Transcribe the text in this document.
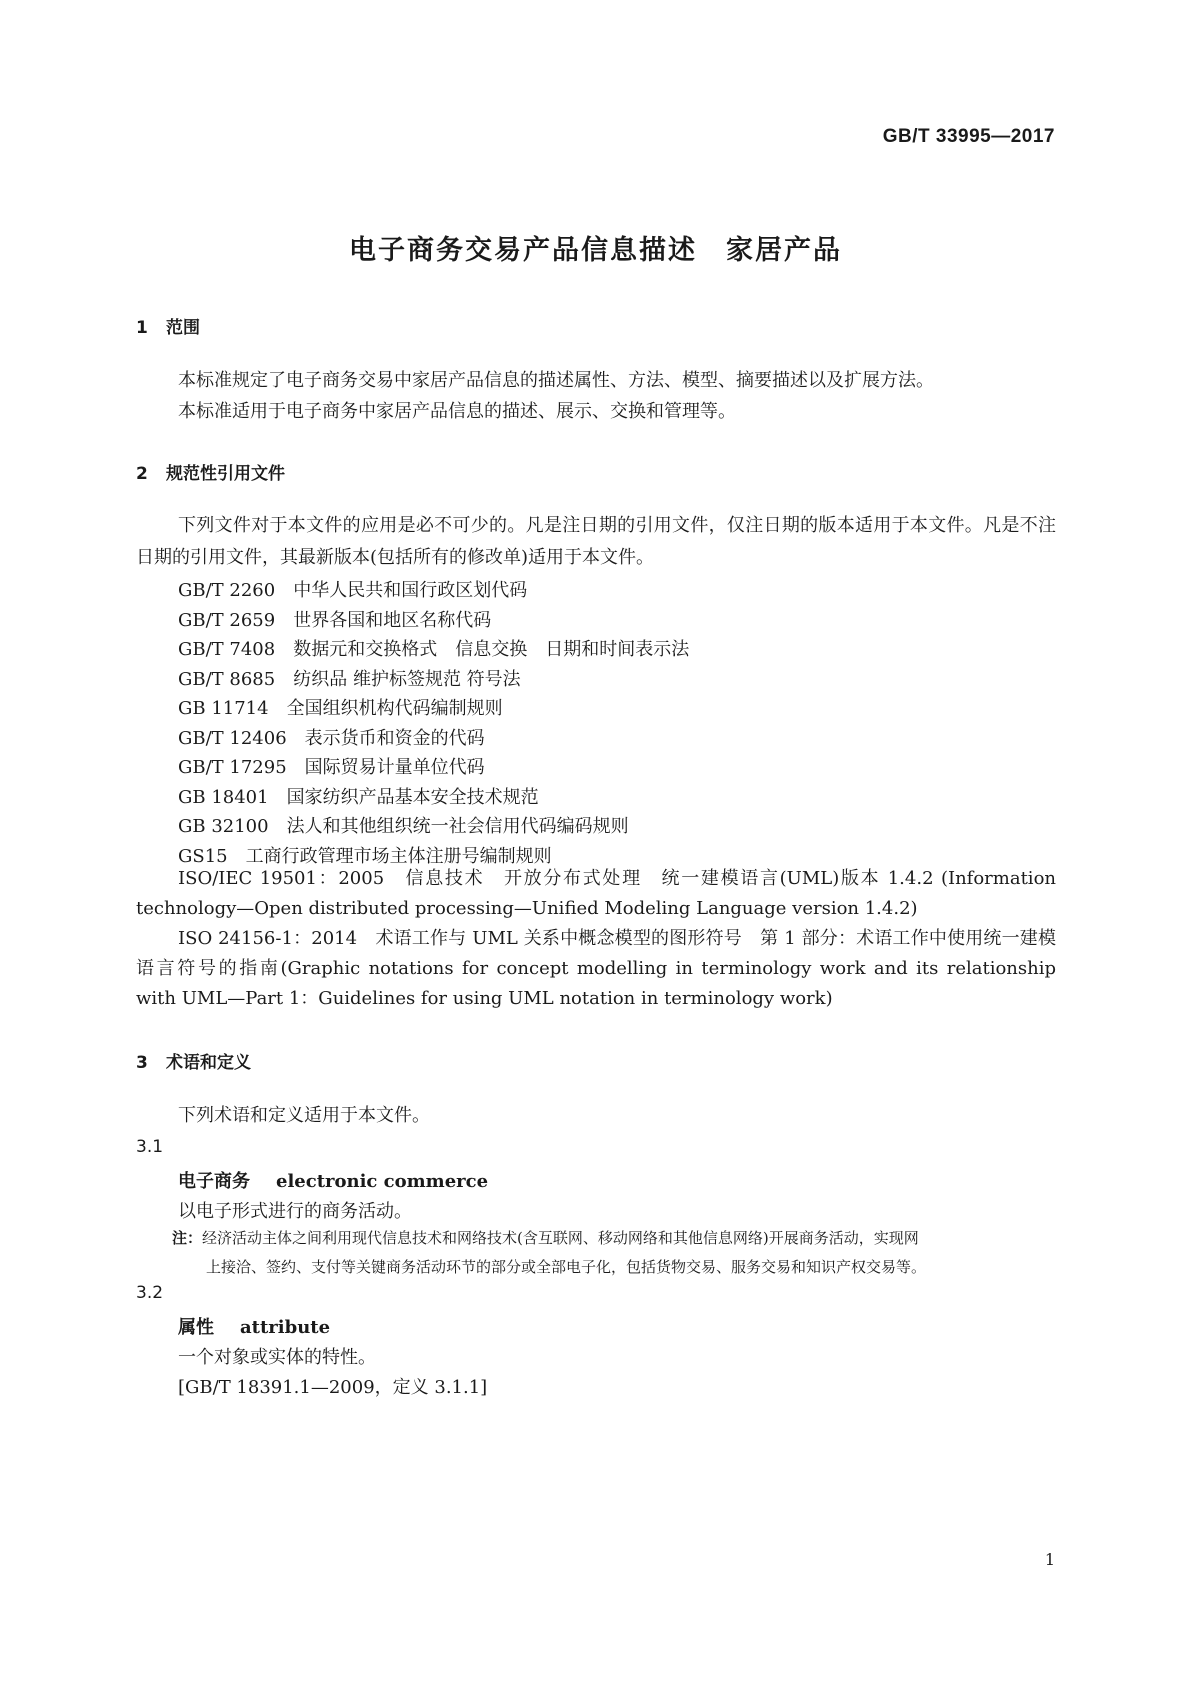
GB/T 33995—2017
电子商务交易产品信息描述　家居产品
1 范围
本标准规定了电子商务交易中家居产品信息的描述属性、方法、模型、摘要描述以及扩展方法。
本标准适用于电子商务中家居产品信息的描述、展示、交换和管理等。
2 规范性引用文件
下列文件对于本文件的应用是必不可少的。凡是注日期的引用文件，仅注日期的版本适用于本文件。凡是不注日期的引用文件，其最新版本(包括所有的修改单)适用于本文件。
GB/T 2260 中华人民共和国行政区划代码
GB/T 2659 世界各国和地区名称代码
GB/T 7408 数据元和交换格式　信息交换　日期和时间表示法
GB/T 8685 纺织品 维护标签规范 符号法
GB 11714 全国组织机构代码编制规则
GB/T 12406 表示货币和资金的代码
GB/T 17295 国际贸易计量单位代码
GB 18401 国家纺织产品基本安全技术规范
GB 32100 法人和其他组织统一社会信用代码编码规则
GS15 工商行政管理市场主体注册号编制规则
ISO/IEC 19501：2005　信息技术　开放分布式处理　统一建模语言(UML)版本 1.4.2 (Information technology—Open distributed processing—Unified Modeling Language version 1.4.2)
ISO 24156-1：2014　术语工作与 UML 关系中概念模型的图形符号　第 1 部分：术语工作中使用统一建模语言符号的指南(Graphic notations for concept modelling in terminology work and its relationship with UML—Part 1：Guidelines for using UML notation in terminology work)
3 术语和定义
下列术语和定义适用于本文件。
3.1
电子商务 electronic commerce
以电子形式进行的商务活动。
注：经济活动主体之间利用现代信息技术和网络技术(含互联网、移动网络和其他信息网络)开展商务活动，实现网
上接洽、签约、支付等关键商务活动环节的部分或全部电子化，包括货物交易、服务交易和知识产权交易等。
3.2
属性 attribute
一个对象或实体的特性。
[GB/T 18391.1—2009，定义 3.1.1]
1
